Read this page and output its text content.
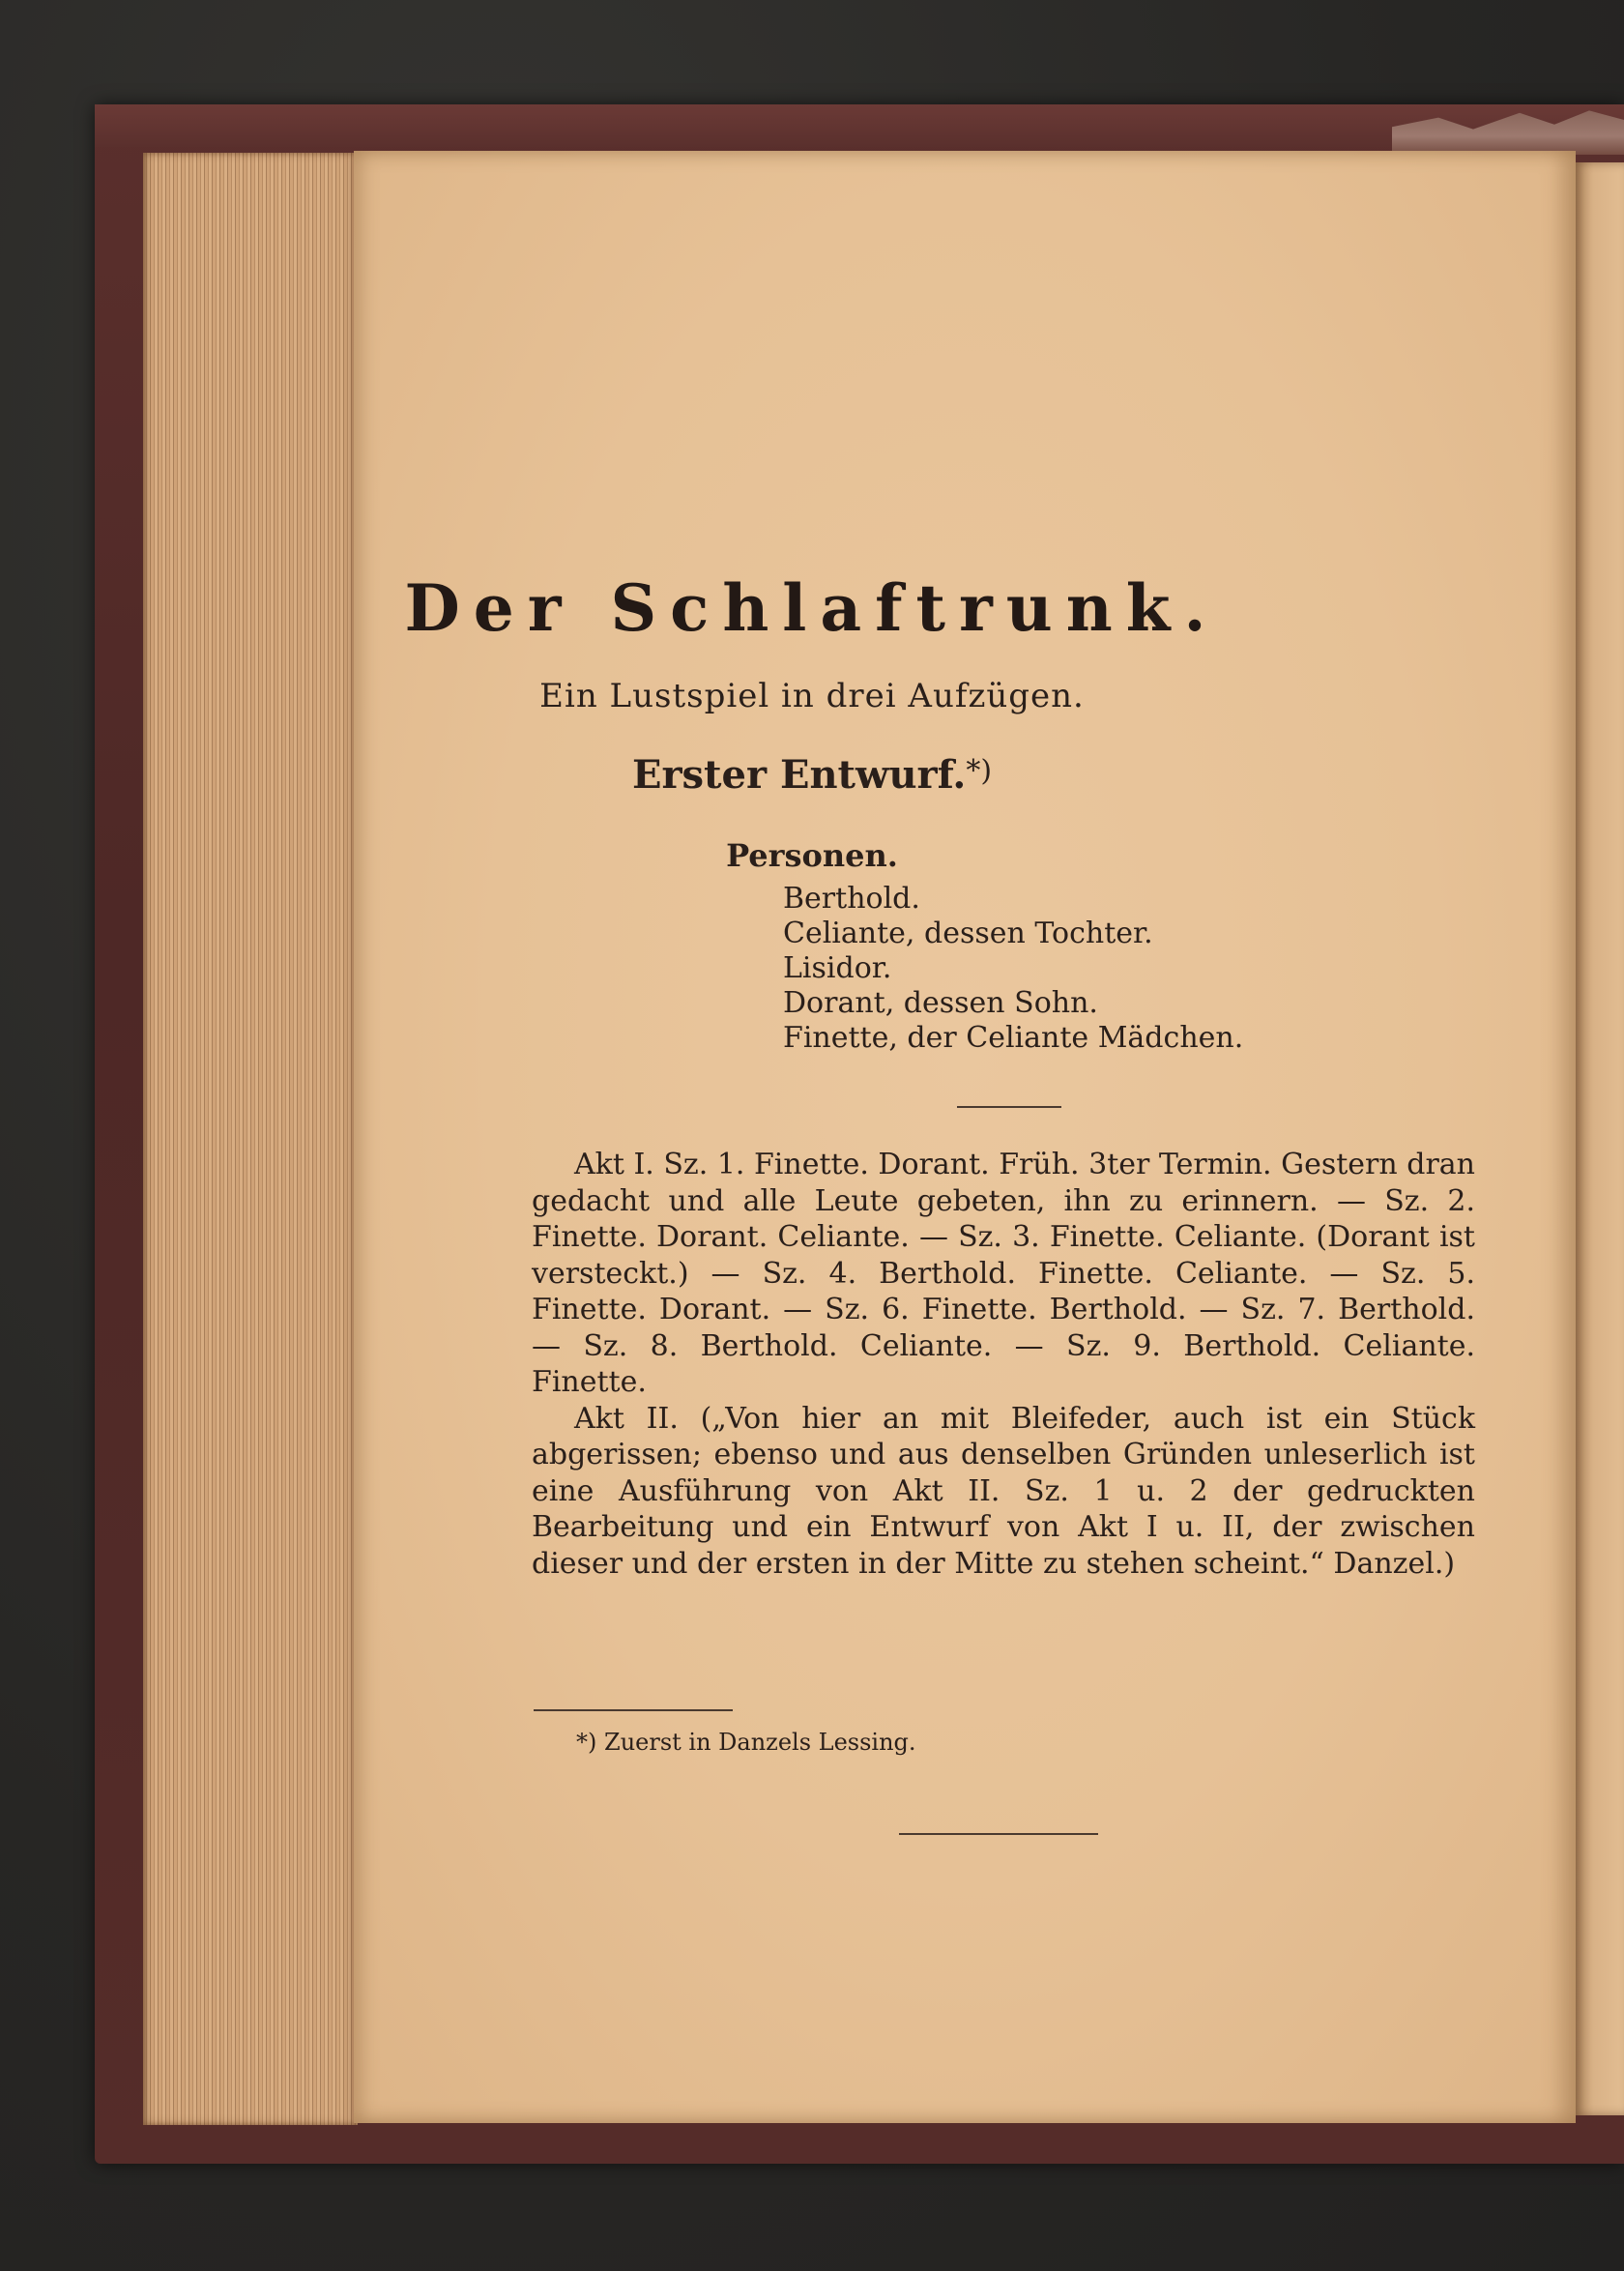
Der Schlaftrunk.
Ein Lustspiel in drei Aufzügen.
Erster Entwurf.*)
Personen.
Berthold.
Celiante, dessen Tochter.
Lisidor.
Dorant, dessen Sohn.
Finette, der Celiante Mädchen.

Akt I. Sz. 1. Finette. Dorant. Früh. 3ter Termin. Gestern dran gedacht und alle Leute gebeten, ihn zu erinnern. — Sz. 2. Finette. Dorant. Celiante. — Sz. 3. Finette. Celiante. (Dorant ist versteckt.) — Sz. 4. Berthold. Finette. Celiante. — Sz. 5. Finette. Dorant. — Sz. 6. Finette. Berthold. — Sz. 7. Berthold. — Sz. 8. Berthold. Celiante. — Sz. 9. Berthold. Celiante. Finette.

Akt II. („Von hier an mit Bleifeder, auch ist ein Stück abgerissen; ebenso und aus denselben Gründen unleserlich ist eine Ausführung von Akt II. Sz. 1 u. 2 der gedruckten Bearbeitung und ein Entwurf von Akt I u. II, der zwischen dieser und der ersten in der Mitte zu stehen scheint.“ Danzel.)

*) Zuerst in Danzels Lessing.
